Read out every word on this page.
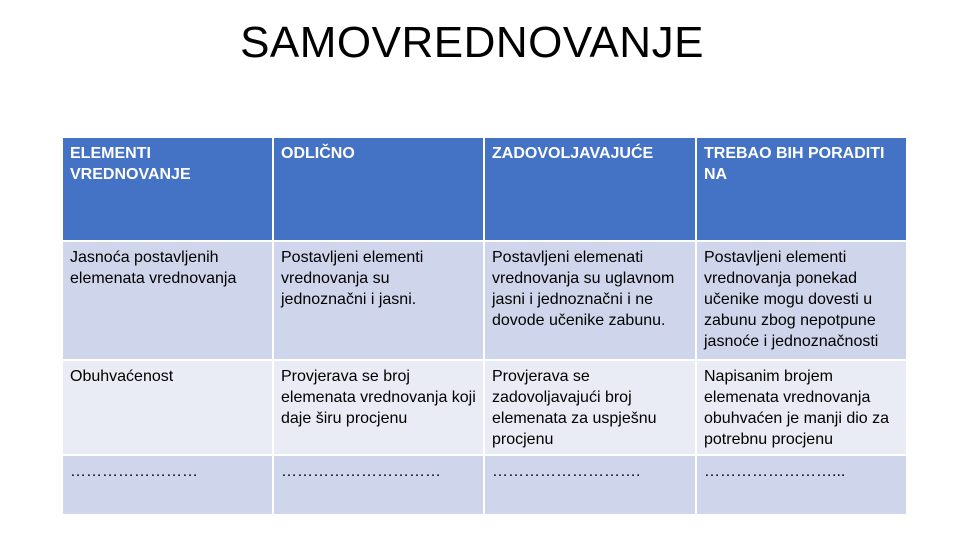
SAMOVREDNOVANJE
ELEMENTI VREDNOVANJE	ODLIČNO	ZADOVOLJAVAJUĆE	TREBAO BIH PORADITI NA
Jasnoća postavljenih elemenata vrednovanja	Postavljeni elementi vrednovanja su jednoznačni i jasni.	Postavljeni elemenati vrednovanja su uglavnom jasni i jednoznačni i ne dovode učenike zabunu.	Postavljeni elementi vrednovanja ponekad učenike mogu dovesti u zabunu zbog nepotpune jasnoće i jednoznačnosti
Obuhvaćenost	Provjerava se broj elemenata vrednovanja koji daje širu procjenu	Provjerava se zadovoljavajući broj elemenata za uspješnu procjenu	Napisanim brojem elemenata vrednovanja obuhvaćen je manji dio za potrebnu procjenu
……………………	…………………………	……………………….	……………………...
